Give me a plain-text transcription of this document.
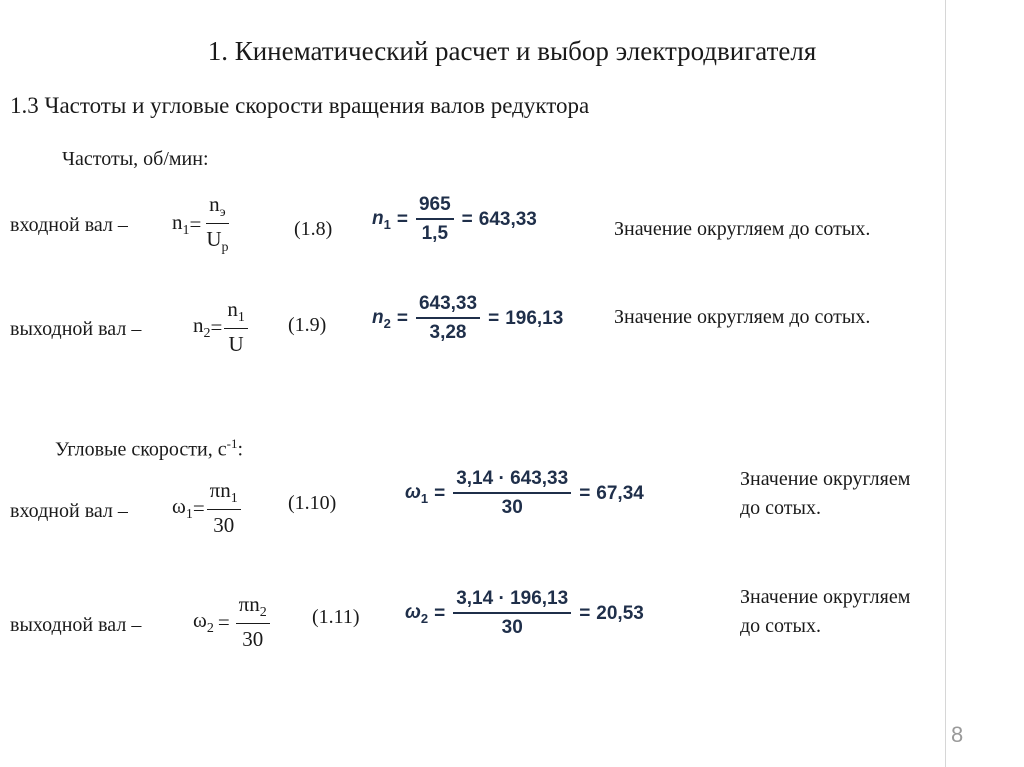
1. Кинематический расчет и выбор электродвигателя
1.3 Частоты и угловые скорости вращения валов редуктора
Частоты, об/мин:
входной вал – $n_1 = \frac{n_э}{U_р}$	(1.8) $n_1 = \frac{965}{1,5} = 643,33$	Значение округляем до сотых.
выходной вал – $n_2 = \frac{n_1}{U} (1.9) n_2 = \frac{643,33}{3,28} = 196,13$	Значение округляем до сотых.
Угловые скорости, $с^{-1}$:
входной вал – $\omega_1 = \frac{\pi n_1}{30} (1.10)$	$\omega_1 = \frac{3,14 \cdot 643,33}{30} = 67,34$
Значение округляем
до сотых.
выходной вал – $\omega_2 = \frac{\pi n_2}{30} (1.11) \omega_2 = \frac{3,14 \cdot 196,13}{30} = 20,53$
Значение округляем
до сотых.
8
